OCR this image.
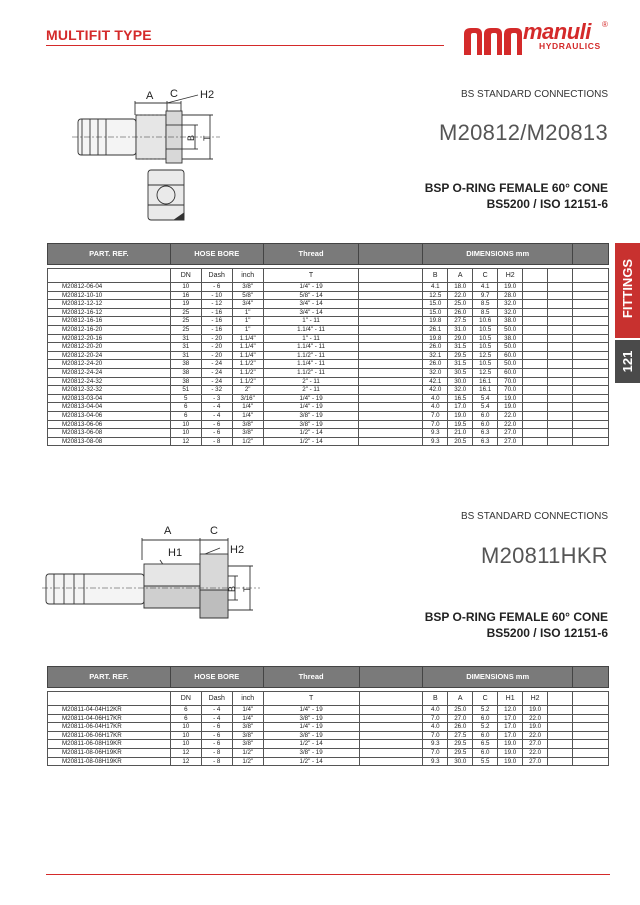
MULTIFIT TYPE	manuli ®
HYDRAULICS
FITTINGS
121
A C H2
B T
BS STANDARD CONNECTIONS
M20812/M20813
BSP O-RING FEMALE 60° CONE
BS5200 / ISO 12151-6
PART. REF.	HOSE BORE			Thread		DIMENSIONS mm						

	DN	Dash	inch	T		B	A	C	H2			
M20812-06-04	10	- 6	3/8"	1/4" - 19		4.1	18.0	4.1	19.0			
M20812-10-10	16	- 10	5/8"	5/8" - 14		12.5	22.0	9.7	28.0			
M20812-12-12	19	- 12	3/4"	3/4" - 14		15.0	25.0	8.5	32.0			
M20812-16-12	25	- 16	1"	3/4" - 14		15.0	26.0	8.5	32.0			
M20812-16-16	25	- 16	1"	1" - 11		19.8	27.5	10.6	38.0			
M20812-16-20	25	- 16	1"	1.1/4" - 11		26.1	31.0	10.5	50.0			
M20812-20-16	31	- 20	1.1/4"	1" - 11		19.8	29.0	10.5	38.0			
M20812-20-20	31	- 20	1.1/4"	1.1/4" - 11		26.0	31.5	10.5	50.0			
M20812-20-24	31	- 20	1.1/4"	1.1/2" - 11		32.1	29.5	12.5	60.0			
M20812-24-20	38	- 24	1.1/2"	1.1/4" - 11		26.0	31.5	10.5	50.0			
M20812-24-24	38	- 24	1.1/2"	1.1/2" - 11		32.0	30.5	12.5	60.0			
M20812-24-32	38	- 24	1.1/2"	2" - 11		42.1	30.0	16.1	70.0			
M20812-32-32	51	- 32	2"	2" - 11		42.0	32.0	16.1	70.0			
M20813-03-04	5	- 3	3/16"	1/4" - 19		4.0	16.5	5.4	19.0			
M20813-04-04	6	- 4	1/4"	1/4" - 19		4.0	17.0	5.4	19.0			
M20813-04-06	6	- 4	1/4"	3/8" - 19		7.0	19.0	6.0	22.0			
M20813-06-06	10	- 6	3/8"	3/8" - 19		7.0	19.5	6.0	22.0			
M20813-06-08	10	- 6	3/8"	1/2" - 14		9.3	21.0	6.3	27.0			
M20813-08-08	12	- 8	1/2"	1/2" - 14		9.3	20.5	6.3	27.0			
A	C
H1	H2
B T
BS STANDARD CONNECTIONS
M20811HKR
BSP O-RING FEMALE 60° CONE
BS5200 / ISO 12151-6
PART. REF.	HOSE BORE			Thread		DIMENSIONS mm						

	DN	Dash	inch	T		B	A	C	H1	H2		
M20811-04-04H12KR	6	- 4	1/4"	1/4" - 19		4.0	25.0	5.2	12.0	19.0		
M20811-04-06H17KR	6	- 4	1/4"	3/8" - 19		7.0	27.0	6.0	17.0	22.0		
M20811-06-04H17KR	10	- 6	3/8"	1/4" - 19		4.0	26.0	5.2	17.0	19.0		
M20811-06-06H17KR	10	- 6	3/8"	3/8" - 19		7.0	27.5	6.0	17.0	22.0		
M20811-06-08H19KR	10	- 6	3/8"	1/2" - 14		9.3	29.5	6.5	19.0	27.0		
M20811-08-06H19KR	12	- 8	1/2"	3/8" - 19		7.0	29.5	6.0	19.0	22.0		
M20811-08-08H19KR	12	- 8	1/2"	1/2" - 14		9.3	30.0	5.5	19.0	27.0		
